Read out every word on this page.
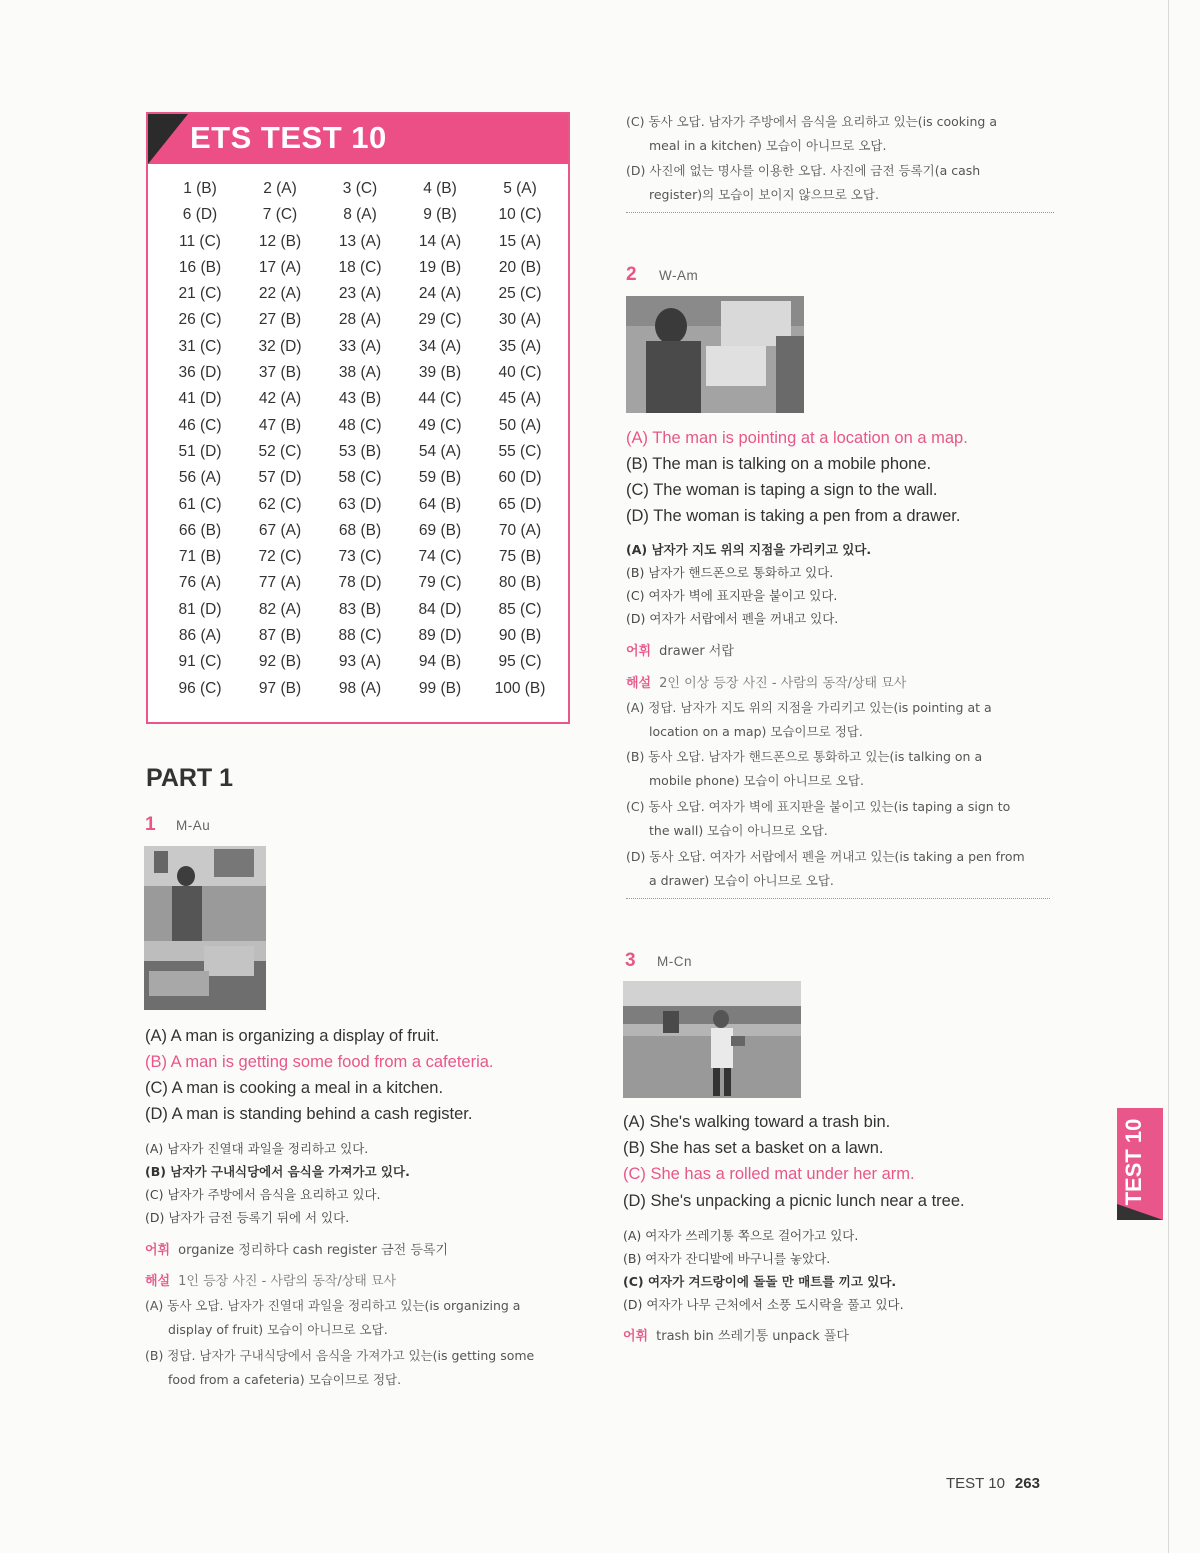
ETS TEST 10
1 (B)	2 (A)	3 (C)	4 (B)	5 (A)
6 (D)	7 (C)	8 (A)	9 (B)	10 (C)
11 (C)	12 (B)	13 (A)	14 (A)	15 (A)
16 (B)	17 (A)	18 (C)	19 (B)	20 (B)
21 (C)	22 (A)	23 (A)	24 (A)	25 (C)
26 (C)	27 (B)	28 (A)	29 (C)	30 (A)
31 (C)	32 (D)	33 (A)	34 (A)	35 (A)
36 (D)	37 (B)	38 (A)	39 (B)	40 (C)
41 (D)	42 (A)	43 (B)	44 (C)	45 (A)
46 (C)	47 (B)	48 (C)	49 (C)	50 (A)
51 (D)	52 (C)	53 (B)	54 (A)	55 (C)
56 (A)	57 (D)	58 (C)	59 (B)	60 (D)
61 (C)	62 (C)	63 (D)	64 (B)	65 (D)
66 (B)	67 (A)	68 (B)	69 (B)	70 (A)
71 (B)	72 (C)	73 (C)	74 (C)	75 (B)
76 (A)	77 (A)	78 (D)	79 (C)	80 (B)
81 (D)	82 (A)	83 (B)	84 (D)	85 (C)
86 (A)	87 (B)	88 (C)	89 (D)	90 (B)
91 (C)	92 (B)	93 (A)	94 (B)	95 (C)
96 (C)	97 (B)	98 (A)	99 (B)	100 (B)
PART 1
1 M-Au
(A) A man is organizing a display of fruit.
(B) A man is getting some food from a cafeteria.
(C) A man is cooking a meal in a kitchen.
(D) A man is standing behind a cash register.
(A) 남자가 진열대 과일을 정리하고 있다.
(B) 남자가 구내식당에서 음식을 가져가고 있다.
(C) 남자가 주방에서 음식을 요리하고 있다.
(D) 남자가 금전 등록기 뒤에 서 있다.
어휘 organize 정리하다 cash register 금전 등록기
해설 1인 등장 사진 - 사람의 동작/상태 묘사
(A) 동사 오답. 남자가 진열대 과일을 정리하고 있는(is organizing a
display of fruit) 모습이 아니므로 오답.
(B) 정답. 남자가 구내식당에서 음식을 가져가고 있는(is getting some
food from a cafeteria) 모습이므로 정답.
(C) 동사 오답. 남자가 주방에서 음식을 요리하고 있는(is cooking a
meal in a kitchen) 모습이 아니므로 오답.
(D) 사진에 없는 명사를 이용한 오답. 사진에 금전 등록기(a cash
register)의 모습이 보이지 않으므로 오답.
2 W-Am
(A) The man is pointing at a location on a map.
(B) The man is talking on a mobile phone.
(C) The woman is taping a sign to the wall.
(D) The woman is taking a pen from a drawer.
(A) 남자가 지도 위의 지점을 가리키고 있다.
(B) 남자가 핸드폰으로 통화하고 있다.
(C) 여자가 벽에 표지판을 붙이고 있다.
(D) 여자가 서랍에서 펜을 꺼내고 있다.
어휘 drawer 서랍
해설 2인 이상 등장 사진 - 사람의 동작/상태 묘사
(A) 정답. 남자가 지도 위의 지점을 가리키고 있는(is pointing at a
location on a map) 모습이므로 정답.
(B) 동사 오답. 남자가 핸드폰으로 통화하고 있는(is talking on a
mobile phone) 모습이 아니므로 오답.
(C) 동사 오답. 여자가 벽에 표지판을 붙이고 있는(is taping a sign to
the wall) 모습이 아니므로 오답.
(D) 동사 오답. 여자가 서랍에서 펜을 꺼내고 있는(is taking a pen from
a drawer) 모습이 아니므로 오답.
3 M-Cn
(A) She's walking toward a trash bin.
(B) She has set a basket on a lawn.
(C) She has a rolled mat under her arm.
(D) She's unpacking a picnic lunch near a tree.
(A) 여자가 쓰레기통 쪽으로 걸어가고 있다.
(B) 여자가 잔디밭에 바구니를 놓았다.
(C) 여자가 겨드랑이에 돌돌 만 매트를 끼고 있다.
(D) 여자가 나무 근처에서 소풍 도시락을 풀고 있다.
어휘 trash bin 쓰레기통 unpack 풀다
TEST 10
TEST 10 263
